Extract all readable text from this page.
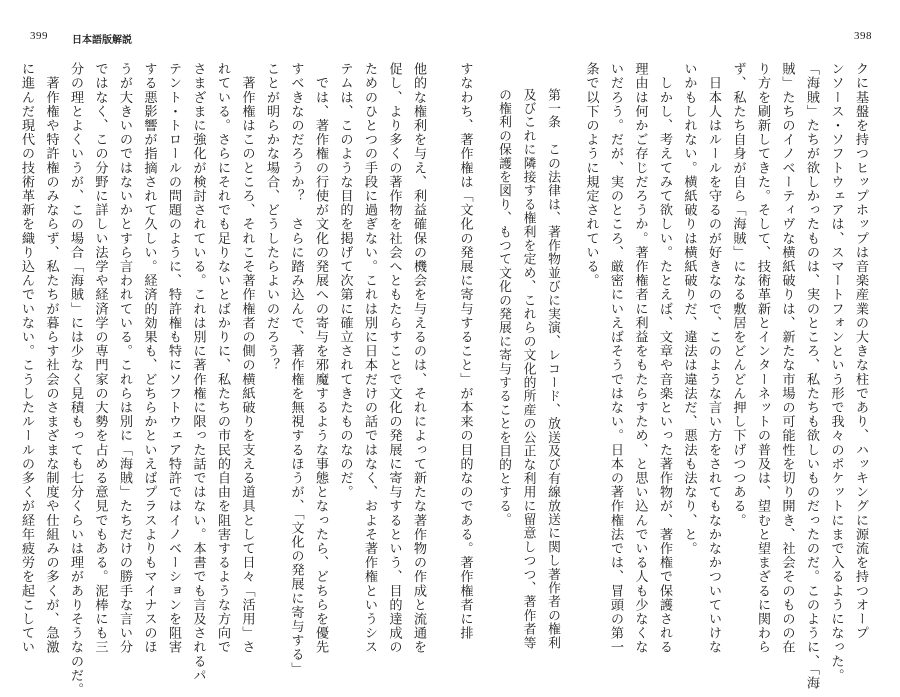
399 日本語版解説	398
クに基盤を持つヒップホップは音楽産業の大きな柱であり、ハッキングに源流を持つオープ
ンソース・ソフトウェアは、スマートフォンという形で我々のポケットにまで入るようになった。
「海賊」たちが欲しかったものは、実のところ、私たちも欲しいものだったのだ。このように、「海
賊」たちのイノベーティヴな横紙破りは、新たな市場の可能性を切り開き、社会そのものの在
り方を刷新してきた。そして、技術革新とインターネットの普及は、望むと望まざるに関わら
ず、私たち自身が自ら「海賊」になる敷居をどんどん押し下げつつある。
　日本人はルールを守るのが好きなので、このような言い方をされてもなかなかついていけな
いかもしれない。横紙破りは横紙破りだ、違法は違法だ、悪法も法なり、と。
　しかし、考えてみて欲しい。たとえば、文章や音楽といった著作物が、著作権で保護される
理由は何かご存じだろうか。著作権者に利益をもたらすため、と思い込んでいる人も少なくな
いだろう。だが、実のところ、厳密にいえばそうではない。日本の著作権法では、冒頭の第一
条で以下のように規定されている。
第一条　この法律は、著作物並びに実演、レコード、放送及び有線放送に関し著作者の権利
及びこれに隣接する権利を定め、これらの文化的所産の公正な利用に留意しつつ、著作者等
の権利の保護を図り、もつて文化の発展に寄与することを目的とする。
すなわち、著作権は「文化の発展に寄与すること」が本来の目的なのである。著作権者に排
他的な権利を与え、利益確保の機会を与えるのは、それによって新たな著作物の作成と流通を
促し、より多くの著作物を社会へともたらすことで文化の発展に寄与するという、目的達成の
ためのひとつの手段に過ぎない。これは別に日本だけの話ではなく、およそ著作権というシス
テムは、このような目的を掲げて次第に確立されてきたものなのだ。
　では、著作権の行使が文化の発展への寄与を邪魔するような事態となったら、どちらを優先
すべきなのだろうか？　さらに踏み込んで、著作権を無視するほうが、「文化の発展に寄与する」
ことが明らかな場合、どうしたらよいのだろう？
　著作権はこのところ、それこそ著作権者の側の横紙破りを支える道具として日々「活用」さ
れている。さらにそれでも足りないとばかりに、私たちの市民的自由を阻害するような方向で
さまざまに強化が検討されている。これは別に著作権に限った話ではない。本書でも言及されるパ
テント・トロールの問題のように、特許権も特にソフトウェア特許ではイノベーションを阻害
する悪影響が指摘されて久しい。経済的効果も、どちらかといえばプラスよりもマイナスのほ
うが大きいのではないかとすら言われている。これらは別に「海賊」たちだけの勝手な言い分
ではなく、この分野に詳しい法学や経済学の専門家の大勢を占める意見でもある。泥棒にも三
分の理とよくいうが、この場合「海賊」には少なく見積もっても七分くらいは理がありそうなのだ。
　著作権や特許権のみならず、私たちが暮らす社会のさまざまな制度や仕組みの多くが、急激
に進んだ現代の技術革新を織り込んでいない。こうしたルールの多くが経年疲労を起こしてい
